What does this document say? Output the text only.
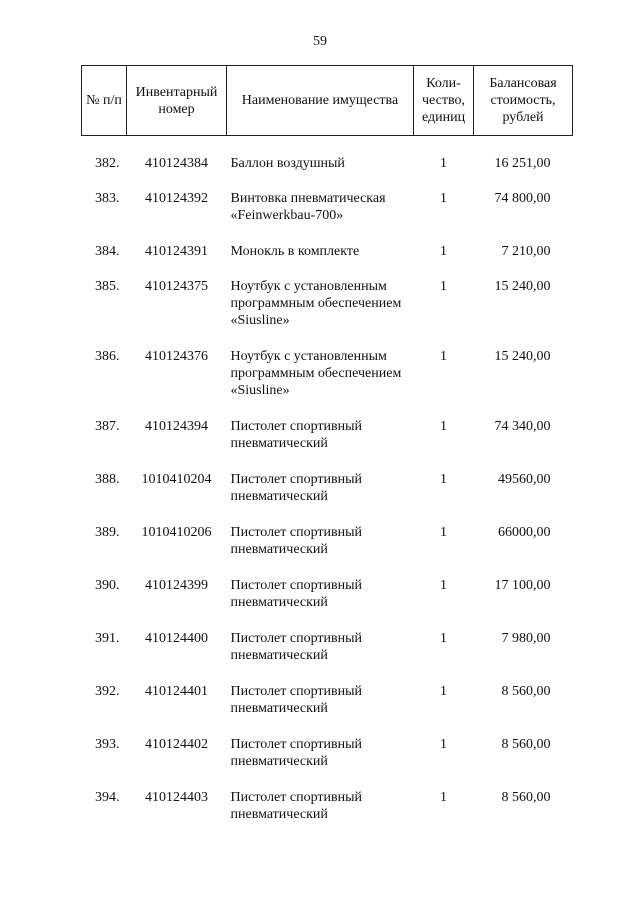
59
№ п/п	Инвентарный номер	Наименование имущества	Коли-чество, единиц	Балансовая стоимость, рублей
382.	410124384	Баллон воздушный	1	16 251,00
383.	410124392	Винтовка пневматическая «Feinwerkbau-700»	1	74 800,00
384.	410124391	Монокль в комплекте	1	7 210,00
385.	410124375	Ноутбук с установленным программным обеспечением «Siusline»	1	15 240,00
386.	410124376	Ноутбук с установленным программным обеспечением «Siusline»	1	15 240,00
387.	410124394	Пистолет спортивный пневматический	1	74 340,00
388.	1010410204	Пистолет спортивный пневматический	1	49560,00
389.	1010410206	Пистолет спортивный пневматический	1	66000,00
390.	410124399	Пистолет спортивный пневматический	1	17 100,00
391.	410124400	Пистолет спортивный пневматический	1	7 980,00
392.	410124401	Пистолет спортивный пневматический	1	8 560,00
393.	410124402	Пистолет спортивный пневматический	1	8 560,00
394.	410124403	Пистолет спортивный пневматический	1	8 560,00
